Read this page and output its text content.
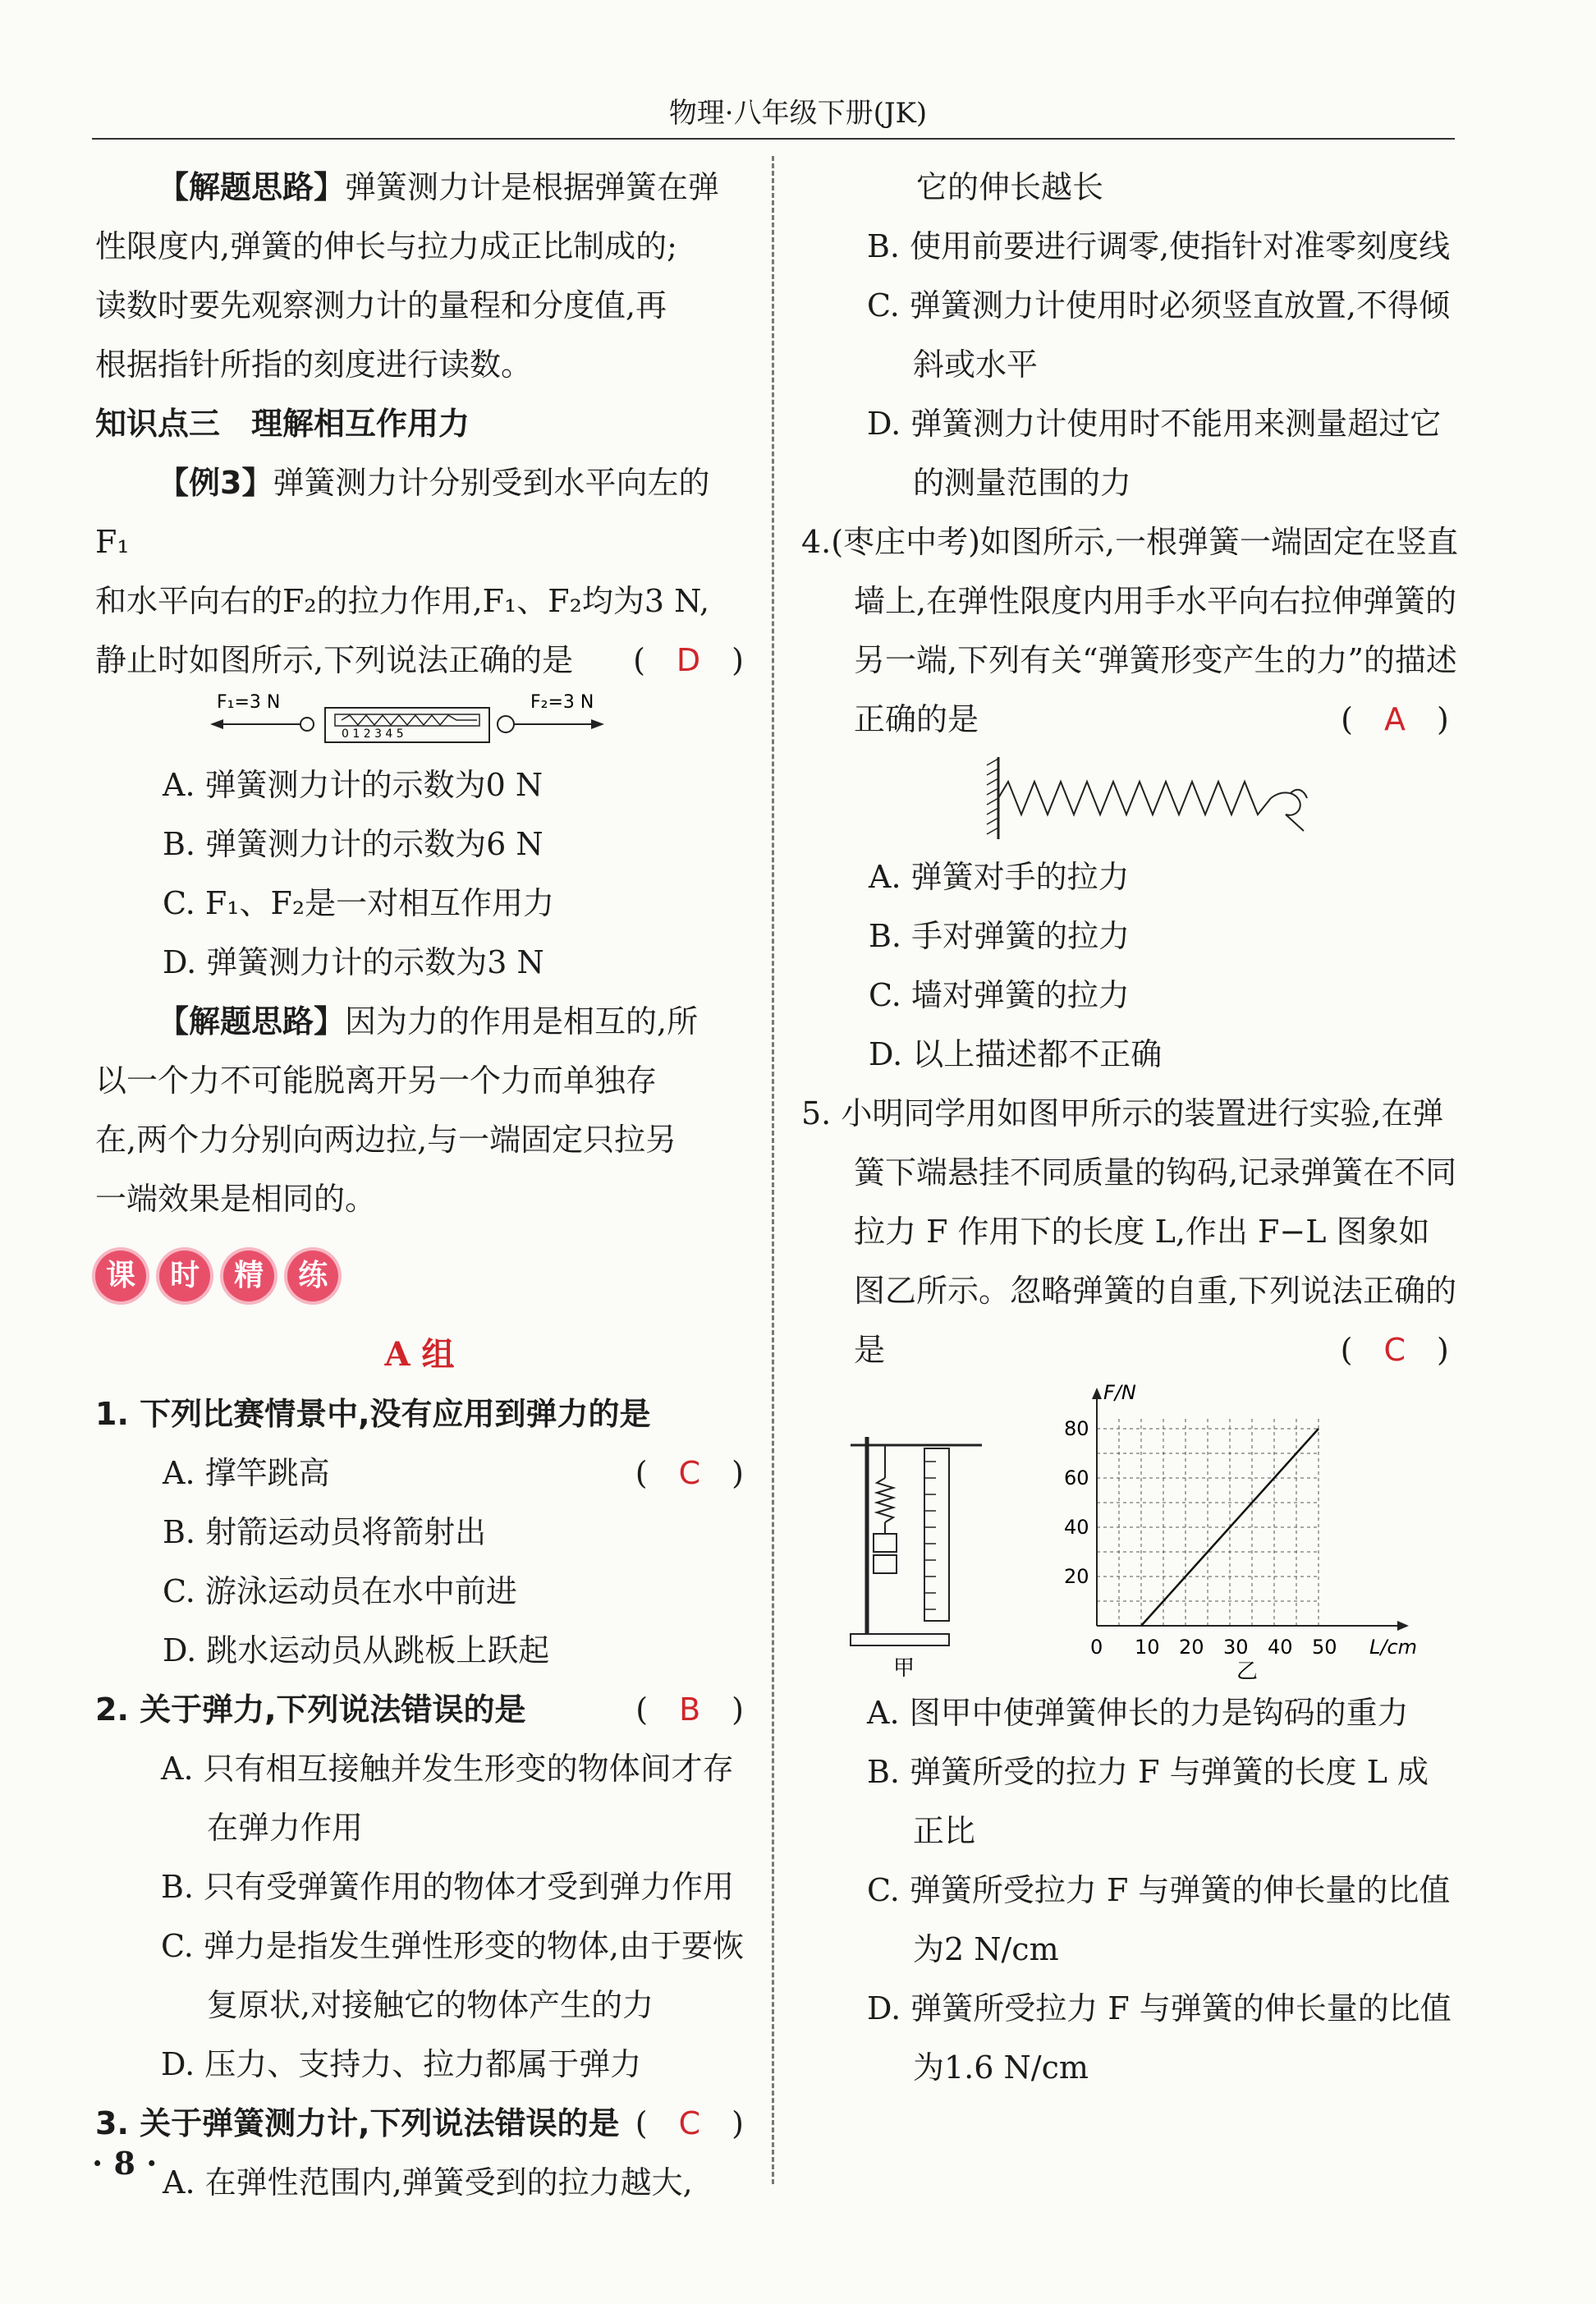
物理·八年级下册(JK)

【解题思路】弹簧测力计是根据弹簧在弹

性限度内,弹簧的伸长与拉力成正比制成的;

读数时要先观察测力计的量程和分度值,再

根据指针所指的刻度进行读数。

知识点三　理解相互作用力

【例3】弹簧测力计分别受到水平向左的F₁

和水平向右的F₂的拉力作用,F₁、F₂均为3 N,

静止时如图所示,下列说法正确的是 (　D　)

F₁=3 N	F₂=3 N
0 1 2 3 4 5

A. 弹簧测力计的示数为0 N

B. 弹簧测力计的示数为6 N

C. F₁、F₂是一对相互作用力

D. 弹簧测力计的示数为3 N

【解题思路】因为力的作用是相互的,所

以一个力不可能脱离开另一个力而单独存

在,两个力分别向两边拉,与一端固定只拉另

一端效果是相同的。

课 时 精 练

A 组

1. 下列比赛情景中,没有应用到弹力的是
(　C　)

A. 撑竿跳高

B. 射箭运动员将箭射出

C. 游泳运动员在水中前进

D. 跳水运动员从跳板上跃起

2. 关于弹力,下列说法错误的是	(　B　)

A. 只有相互接触并发生形变的物体间才存在弹力作用

B. 只有受弹簧作用的物体才受到弹力作用

C. 弹力是指发生弹性形变的物体,由于要恢复原状,对接触它的物体产生的力

D. 压力、支持力、拉力都属于弹力

3. 关于弹簧测力计,下列说法错误的是 (　C　)

A. 在弹性范围内,弹簧受到的拉力越大,

它的伸长越长

B. 使用前要进行调零,使指针对准零刻度线

C. 弹簧测力计使用时必须竖直放置,不得倾斜或水平

D. 弹簧测力计使用时不能用来测量超过它的测量范围的力

4.(枣庄中考)如图所示,一根弹簧一端固定在竖直墙上,在弹性限度内用手水平向右拉伸弹簧的另一端,下列有关“弹簧形变产生的力”的描述正确的是	(　A　)

A. 弹簧对手的拉力

B. 手对弹簧的拉力

C. 墙对弹簧的拉力

D. 以上描述都不正确

5. 小明同学用如图甲所示的装置进行实验,在弹簧下端悬挂不同质量的钩码,记录弹簧在不同拉力 F 作用下的长度 L,作出 F−L 图象如图乙所示。忽略弹簧的自重,下列说法正确的是	(　C　)

甲
F/N
L/cm
0 10 20 30 40 50
20
40
60
80
乙

A. 图甲中使弹簧伸长的力是钩码的重力

B. 弹簧所受的拉力 F 与弹簧的长度 L 成正比

C. 弹簧所受拉力 F 与弹簧的伸长量的比值为2 N/cm

D. 弹簧所受拉力 F 与弹簧的伸长量的比值为1.6 N/cm

· 8 ·
